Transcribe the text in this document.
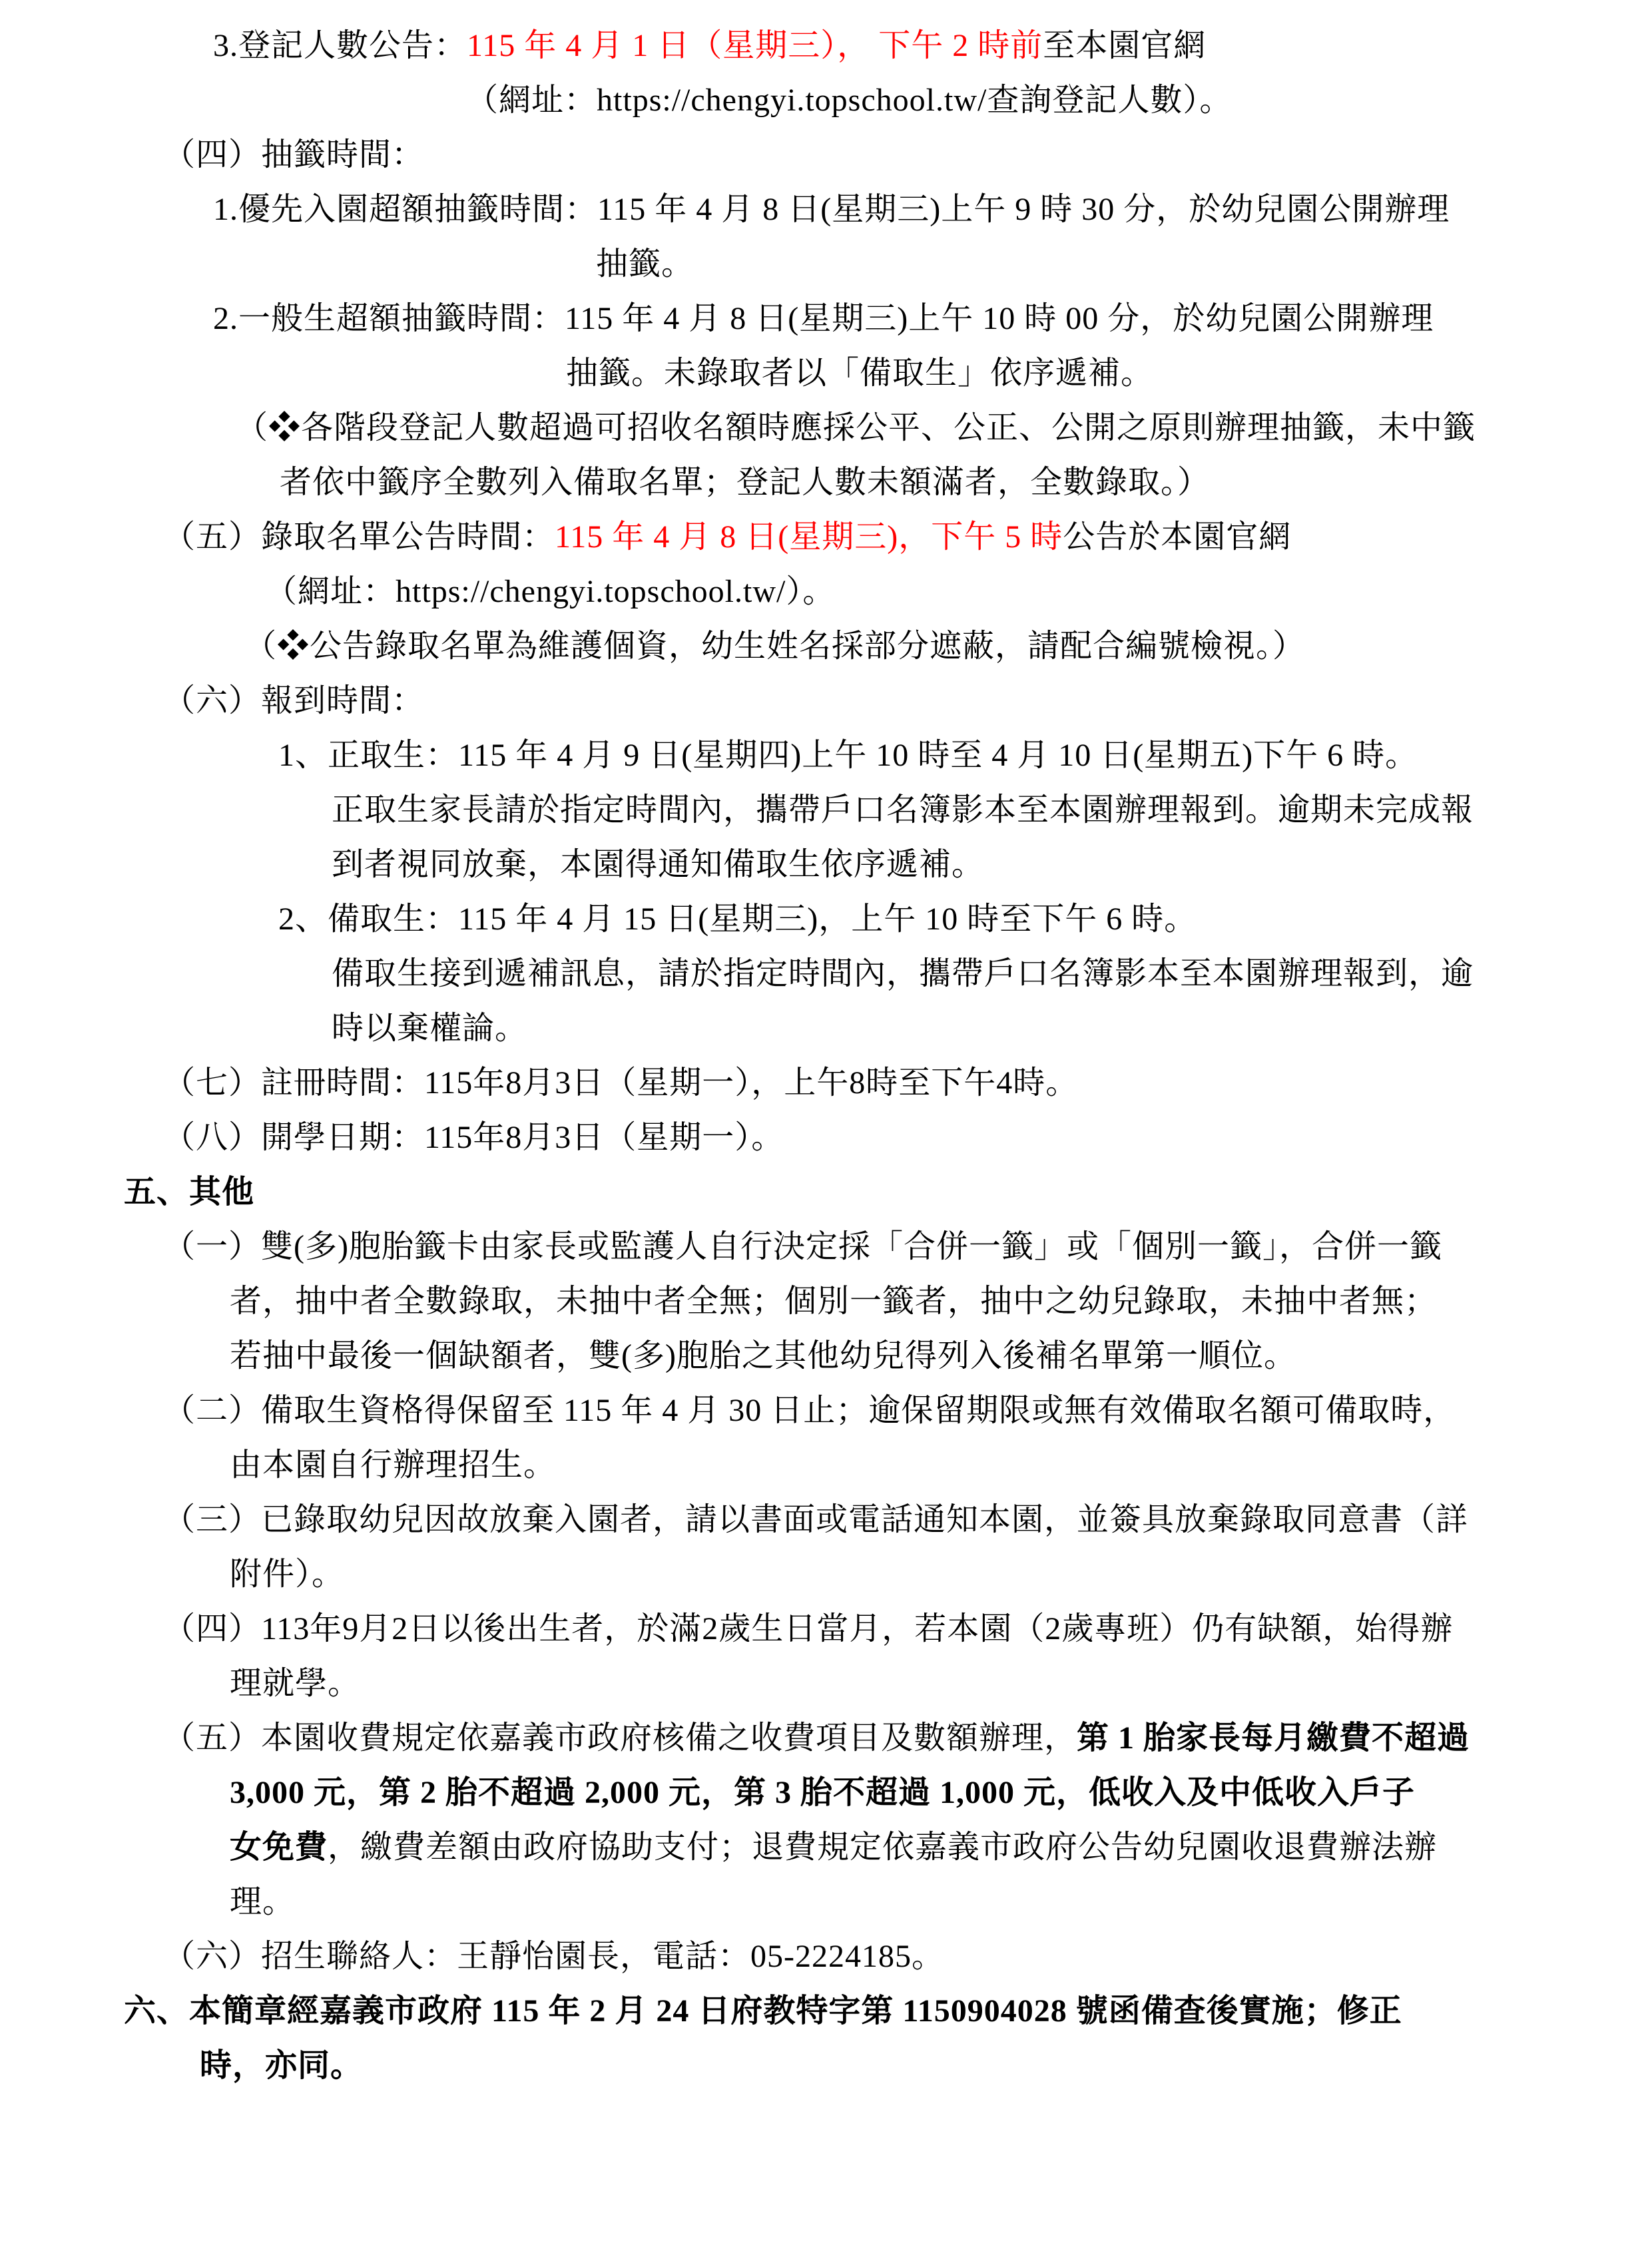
3.登記人數公告：115 年 4 月 1 日（星期三）， 下午 2 時前至本園官網
（網址：https://chengyi.topschool.tw/查詢登記人數）。
（四）抽籤時間：
1.優先入園超額抽籤時間：115 年 4 月 8 日(星期三)上午 9 時 30 分，於幼兒園公開辦理
抽籤。
2.一般生超額抽籤時間：115 年 4 月 8 日(星期三)上午 10 時 00 分，於幼兒園公開辦理
抽籤。未錄取者以「備取生」依序遞補。
（❖各階段登記人數超過可招收名額時應採公平、公正、公開之原則辦理抽籤，未中籤
者依中籤序全數列入備取名單；登記人數未額滿者，全數錄取。）
（五）錄取名單公告時間：115 年 4 月 8 日(星期三)，下午 5 時公告於本園官網
（網址：https://chengyi.topschool.tw/）。
（❖公告錄取名單為維護個資，幼生姓名採部分遮蔽，請配合編號檢視。）
（六）報到時間：
1、正取生：115 年 4 月 9 日(星期四)上午 10 時至 4 月 10 日(星期五)下午 6 時。
正取生家長請於指定時間內，攜帶戶口名簿影本至本園辦理報到。逾期未完成報
到者視同放棄，本園得通知備取生依序遞補。
2、備取生：115 年 4 月 15 日(星期三)，上午 10 時至下午 6 時。
備取生接到遞補訊息，請於指定時間內，攜帶戶口名簿影本至本園辦理報到，逾
時以棄權論。
（七）註冊時間：115年8月3日（星期一），上午8時至下午4時。
（八）開學日期：115年8月3日（星期一）。
五、其他
（一）雙(多)胞胎籤卡由家長或監護人自行決定採「合併一籤」或「個別一籤」，合併一籤
者，抽中者全數錄取，未抽中者全無；個別一籤者，抽中之幼兒錄取，未抽中者無；
若抽中最後一個缺額者，雙(多)胞胎之其他幼兒得列入後補名單第一順位。
（二）備取生資格得保留至 115 年 4 月 30 日止；逾保留期限或無有效備取名額可備取時，
由本園自行辦理招生。
（三）已錄取幼兒因故放棄入園者，請以書面或電話通知本園，並簽具放棄錄取同意書（詳
附件）。
（四）113年9月2日以後出生者，於滿2歲生日當月，若本園（2歲專班）仍有缺額，始得辦
理就學。
（五）本園收費規定依嘉義市政府核備之收費項目及數額辦理，第 1 胎家長每月繳費不超過
3,000 元，第 2 胎不超過 2,000 元，第 3 胎不超過 1,000 元，低收入及中低收入戶子
女免費，繳費差額由政府協助支付；退費規定依嘉義市政府公告幼兒園收退費辦法辦
理。
（六）招生聯絡人：王靜怡園長，電話：05-2224185。
六、本簡章經嘉義市政府 115 年 2 月 24 日府教特字第 1150904028 號函備查後實施；修正
時，亦同。
